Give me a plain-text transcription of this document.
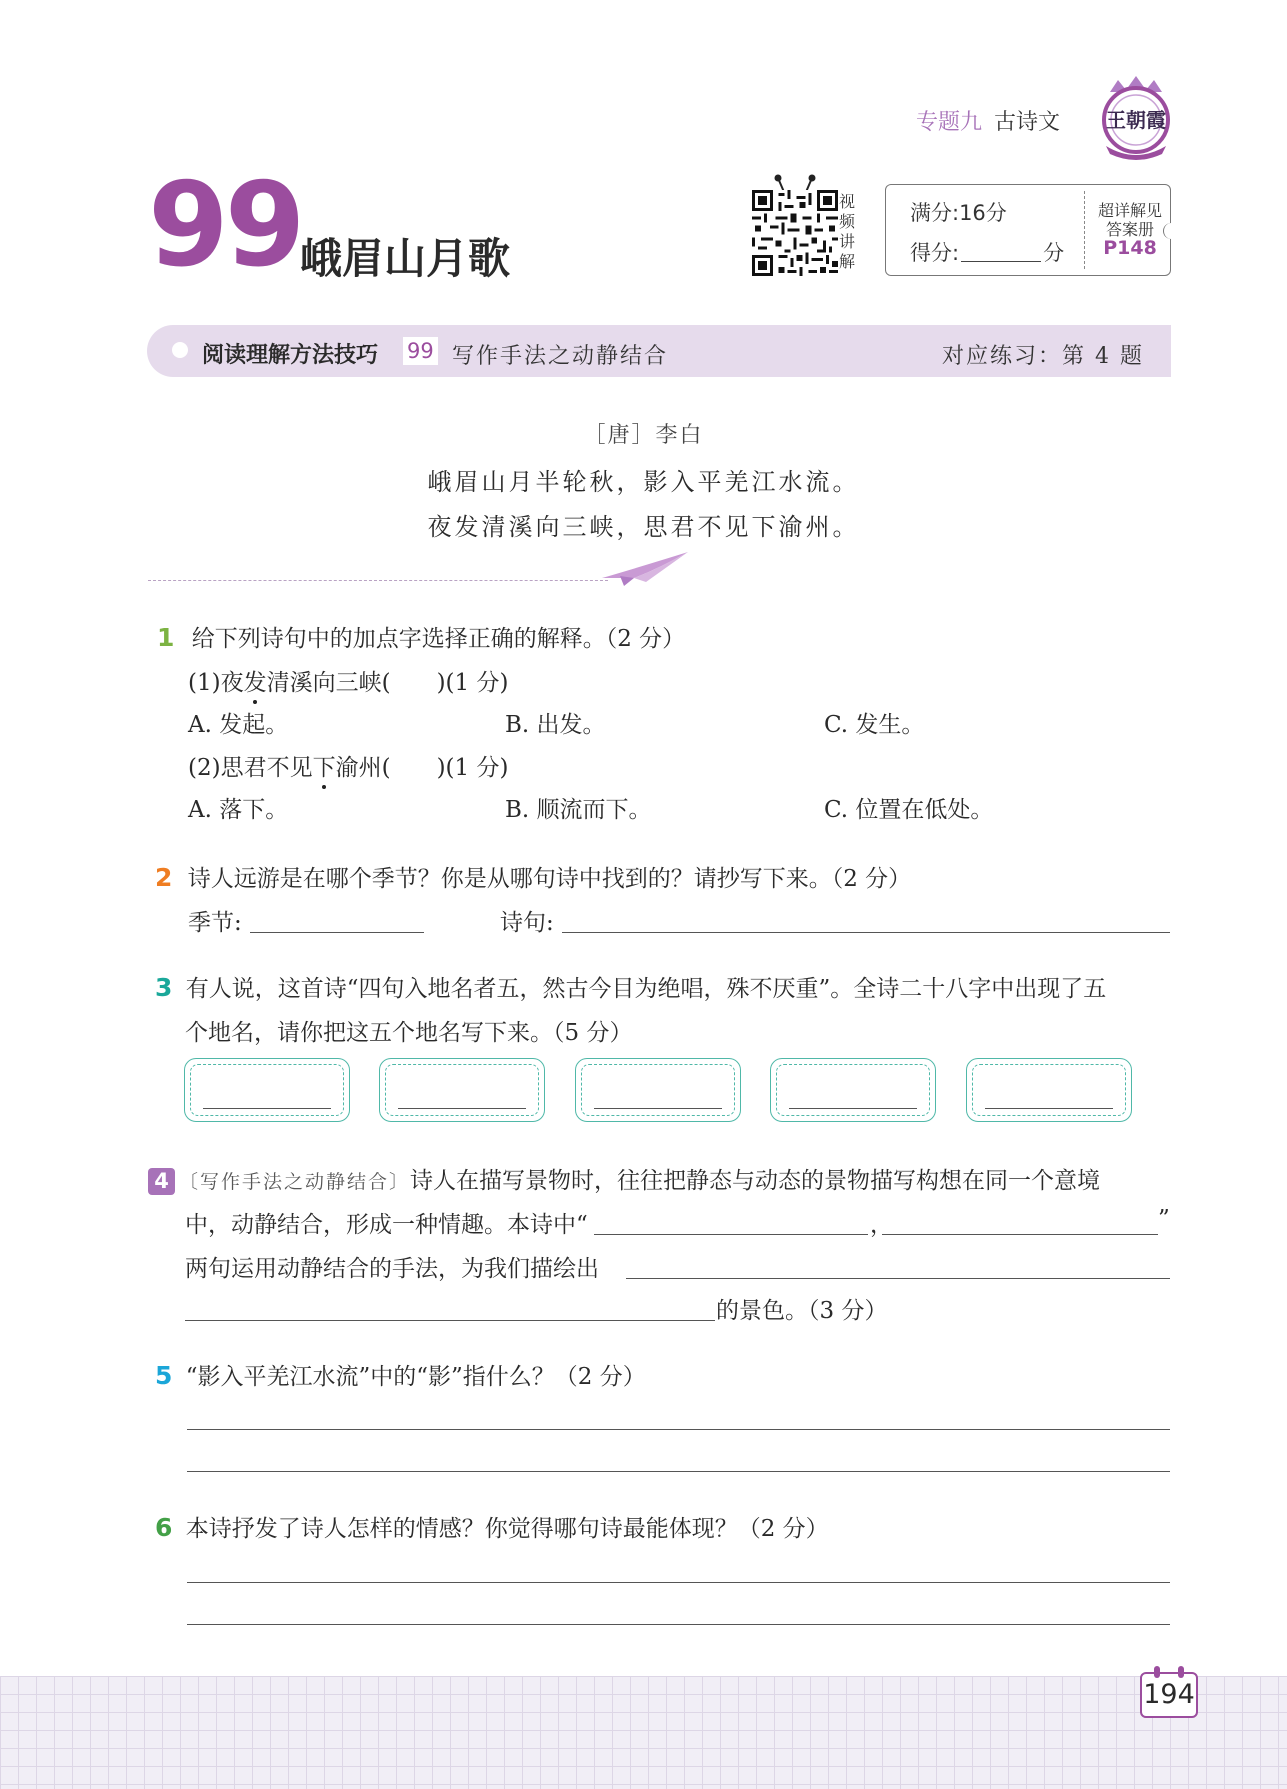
专题九 古诗文 王朝霞
99
峨眉山月歌
视
频
讲
解
满分:16分
得分:	分
超详解见
答案册
P148
阅读理解方法技巧 99 写作手法之动静结合	对应练习：第 4 题
［唐］李白
峨眉山月半轮秋，影入平羌江水流。
夜发清溪向三峡，思君不见下渝州。
1 给下列诗句中的加点字选择正确的解释。（2 分）
(1)夜发清溪向三峡(　　)(1 分)
A. 发起。	B. 出发。	C. 发生。
(2)思君不见下渝州(　　)(1 分)
A. 落下。	B. 顺流而下。	C. 位置在低处。
2 诗人远游是在哪个季节？你是从哪句诗中找到的？请抄写下来。（2 分）
季节:	诗句:
3 有人说，这首诗“四句入地名者五，然古今目为绝唱，殊不厌重”。全诗二十八字中出现了五
个地名，请你把这五个地名写下来。（5 分）
4 〔写作手法之动静结合〕诗人在描写景物时，往往把静态与动态的景物描写构想在同一个意境
中，动静结合，形成一种情趣。本诗中“	，	”
两句运用动静结合的手法，为我们描绘出
的景色。（3 分）
5 “影入平羌江水流”中的“影”指什么？（2 分）
6 本诗抒发了诗人怎样的情感？你觉得哪句诗最能体现？（2 分）
194
